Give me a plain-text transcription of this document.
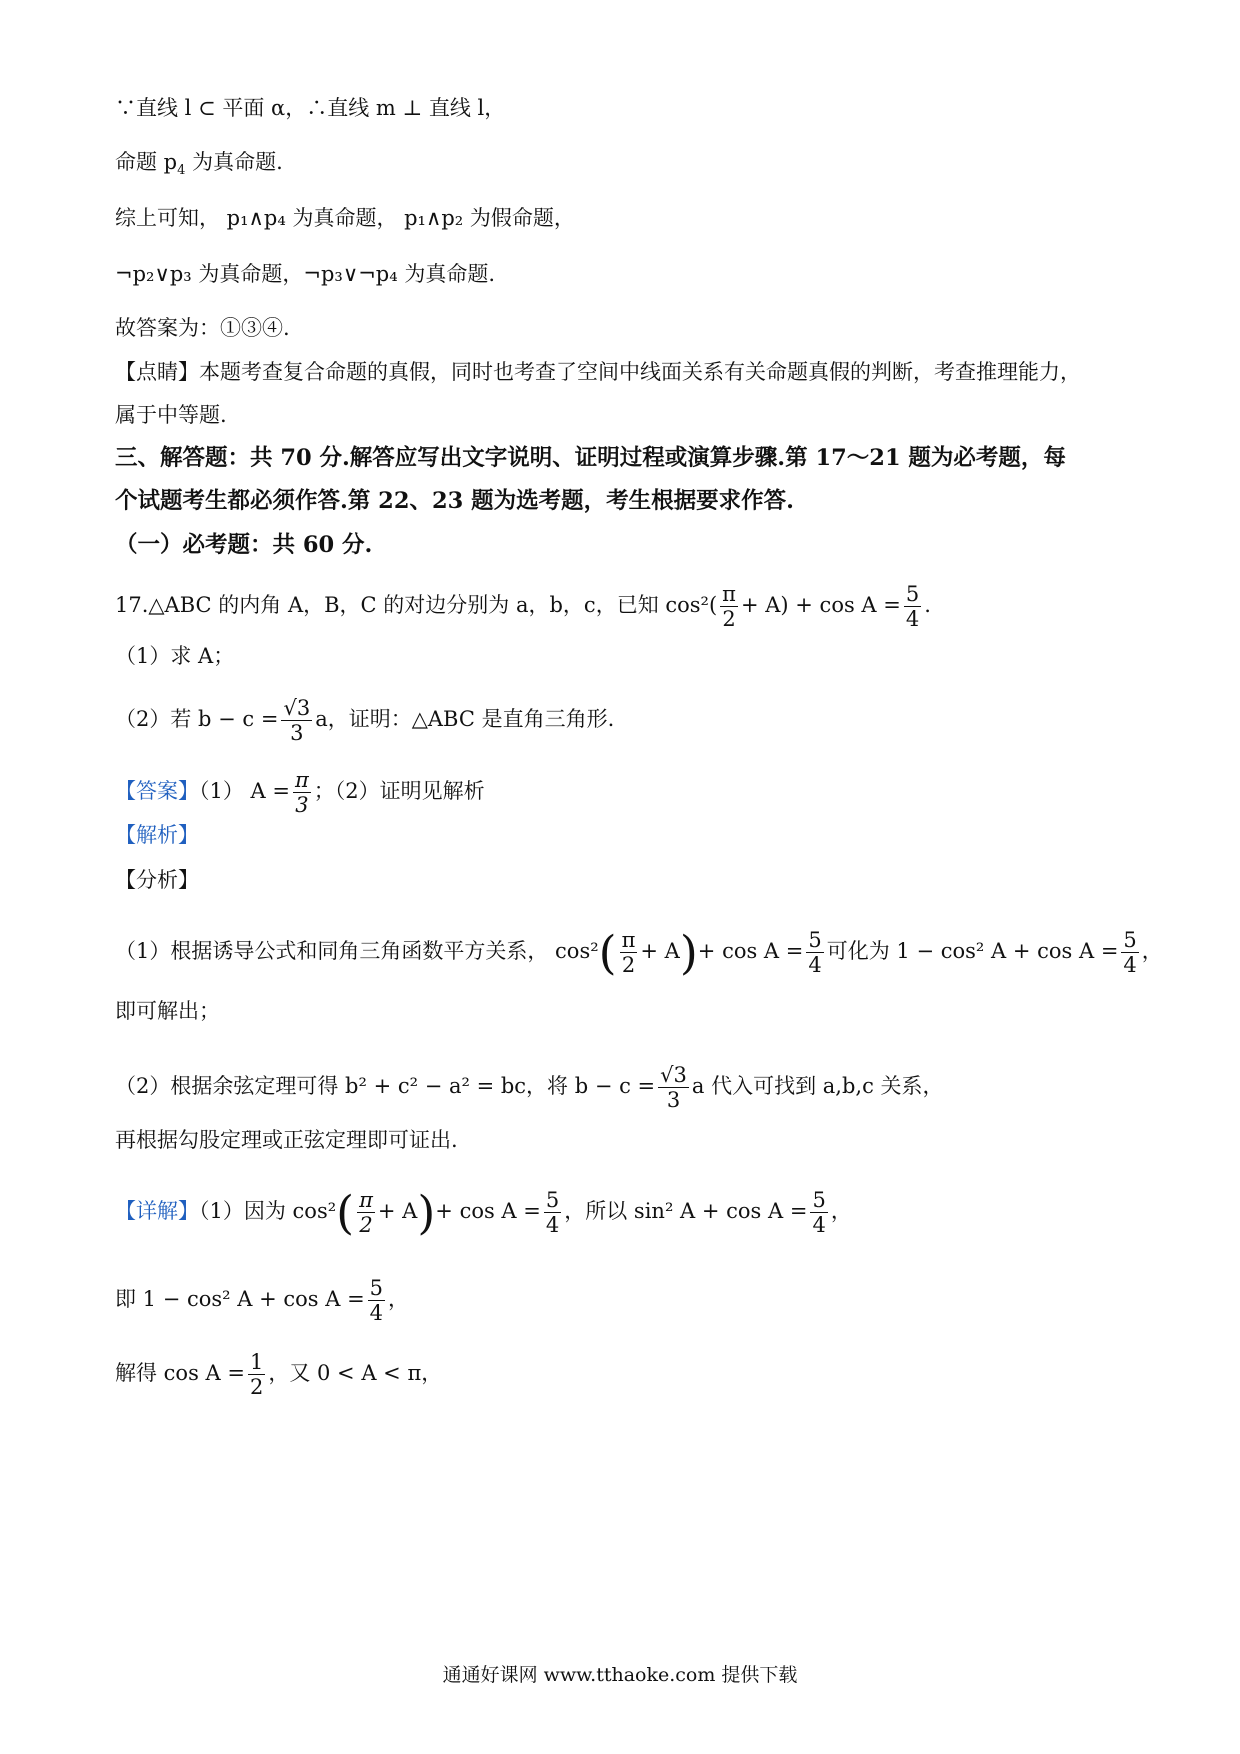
∵直线 l ⊂ 平面 α，∴直线 m ⊥ 直线 l，
命题 $p_4$ 为真命题.
综上可知， p₁∧p₄ 为真命题， p₁∧p₂ 为假命题，
¬p₂∨p₃ 为真命题，¬p₃∨¬p₄ 为真命题.
故答案为：①③④.
【点睛】本题考查复合命题的真假，同时也考查了空间中线面关系有关命题真假的判断，考查推理能力，
属于中等题.
三、解答题：共 70 分.解答应写出文字说明、证明过程或演算步骤.第 17～21 题为必考题，每
个试题考生都必须作答.第 22、23 题为选考题，考生根据要求作答.
（一）必考题：共 60 分.
17.△ABC 的内角 A，B，C 的对边分别为 a，b，c，已知 $\cos^2( \frac{\pi}{2} + A) + \cos A = \frac{5}{4}$ .
（1）求 A；
（2）若 $b - c = \frac{√3}{3}$ a，证明：△ABC 是直角三角形.
【答案】（1） $A = \frac{\pi}{3}$ ；（2）证明见解析
【解析】
【分析】
（1）根据诱导公式和同角三角函数平方关系， $\cos^2( \frac{\pi}{2} + A)+ \cos A = \frac{5}{4}$ 可化为 1 − cos² $A + \cos A = \frac{5}{4}$ ，
即可解出；
（2）根据余弦定理可得 b² + c² − a² = bc，将 $b - c = \frac{√3}{3}$ a 代入可找到 a,b,c 关系，
再根据勾股定理或正弦定理即可证出.
【详解】（1）因为 $\cos^2( \frac{\pi}{2} + A)+ \cos A = \frac{5}{4}$ ，所以 sin² $A + \cos A = \frac{5}{4}$ ，
即 1 − cos² $A + \cos A = \frac{5}{4}$ ，
解得 $\cos A = \frac{1}{2}$ ，又 0 < A < π，
通通好课网 www.tthaoke.com 提供下载
